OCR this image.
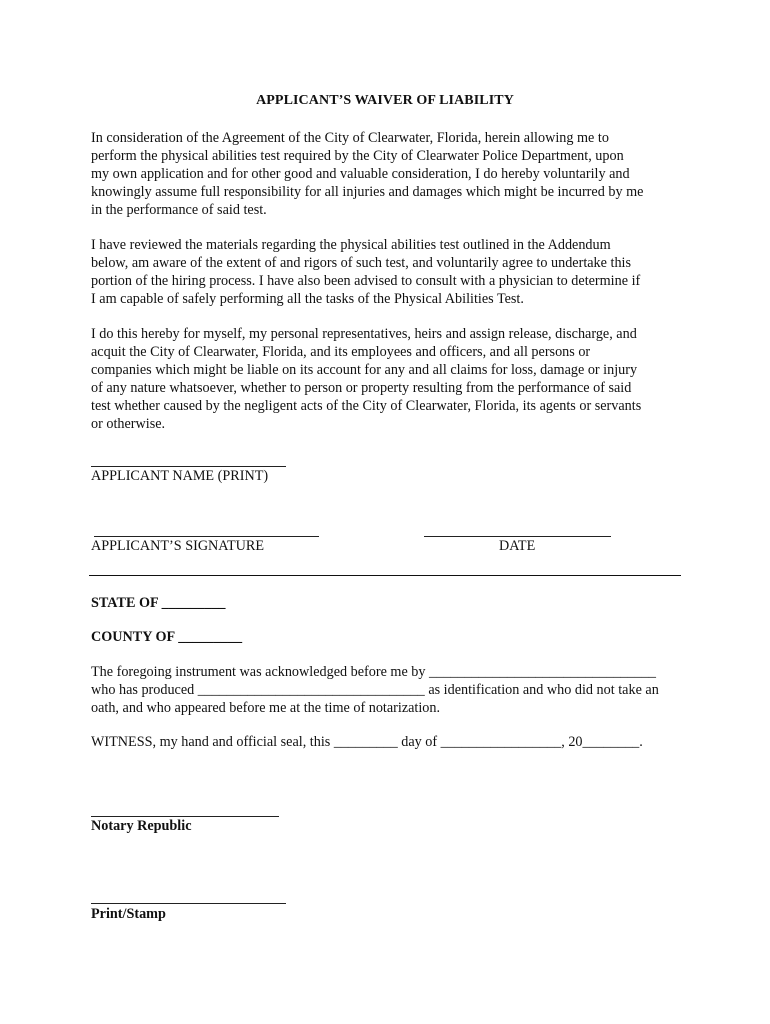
APPLICANT’S WAIVER OF LIABILITY
In consideration of the Agreement of the City of Clearwater, Florida, herein allowing me to
perform the physical abilities test required by the City of Clearwater Police Department, upon
my own application and for other good and valuable consideration, I do hereby voluntarily and
knowingly assume full responsibility for all injuries and damages which might be incurred by me
in the performance of said test.
I have reviewed the materials regarding the physical abilities test outlined in the Addendum
below, am aware of the extent of and rigors of such test, and voluntarily agree to undertake this
portion of the hiring process. I have also been advised to consult with a physician to determine if
I am capable of safely performing all the tasks of the Physical Abilities Test.
I do this hereby for myself, my personal representatives, heirs and assign release, discharge, and
acquit the City of Clearwater, Florida, and its employees and officers, and all persons or
companies which might be liable on its account for any and all claims for loss, damage or injury
of any nature whatsoever, whether to person or property resulting from the performance of said
test whether caused by the negligent acts of the City of Clearwater, Florida, its agents or servants
or otherwise.
APPLICANT NAME (PRINT)
APPLICANT’S SIGNATURE	DATE
STATE OF _________
COUNTY OF _________
The foregoing instrument was acknowledged before me by ________________________________
who has produced ________________________________ as identification and who did not take an
oath, and who appeared before me at the time of notarization.
WITNESS, my hand and official seal, this _________ day of _________________, 20________.
Notary Republic
Print/Stamp
